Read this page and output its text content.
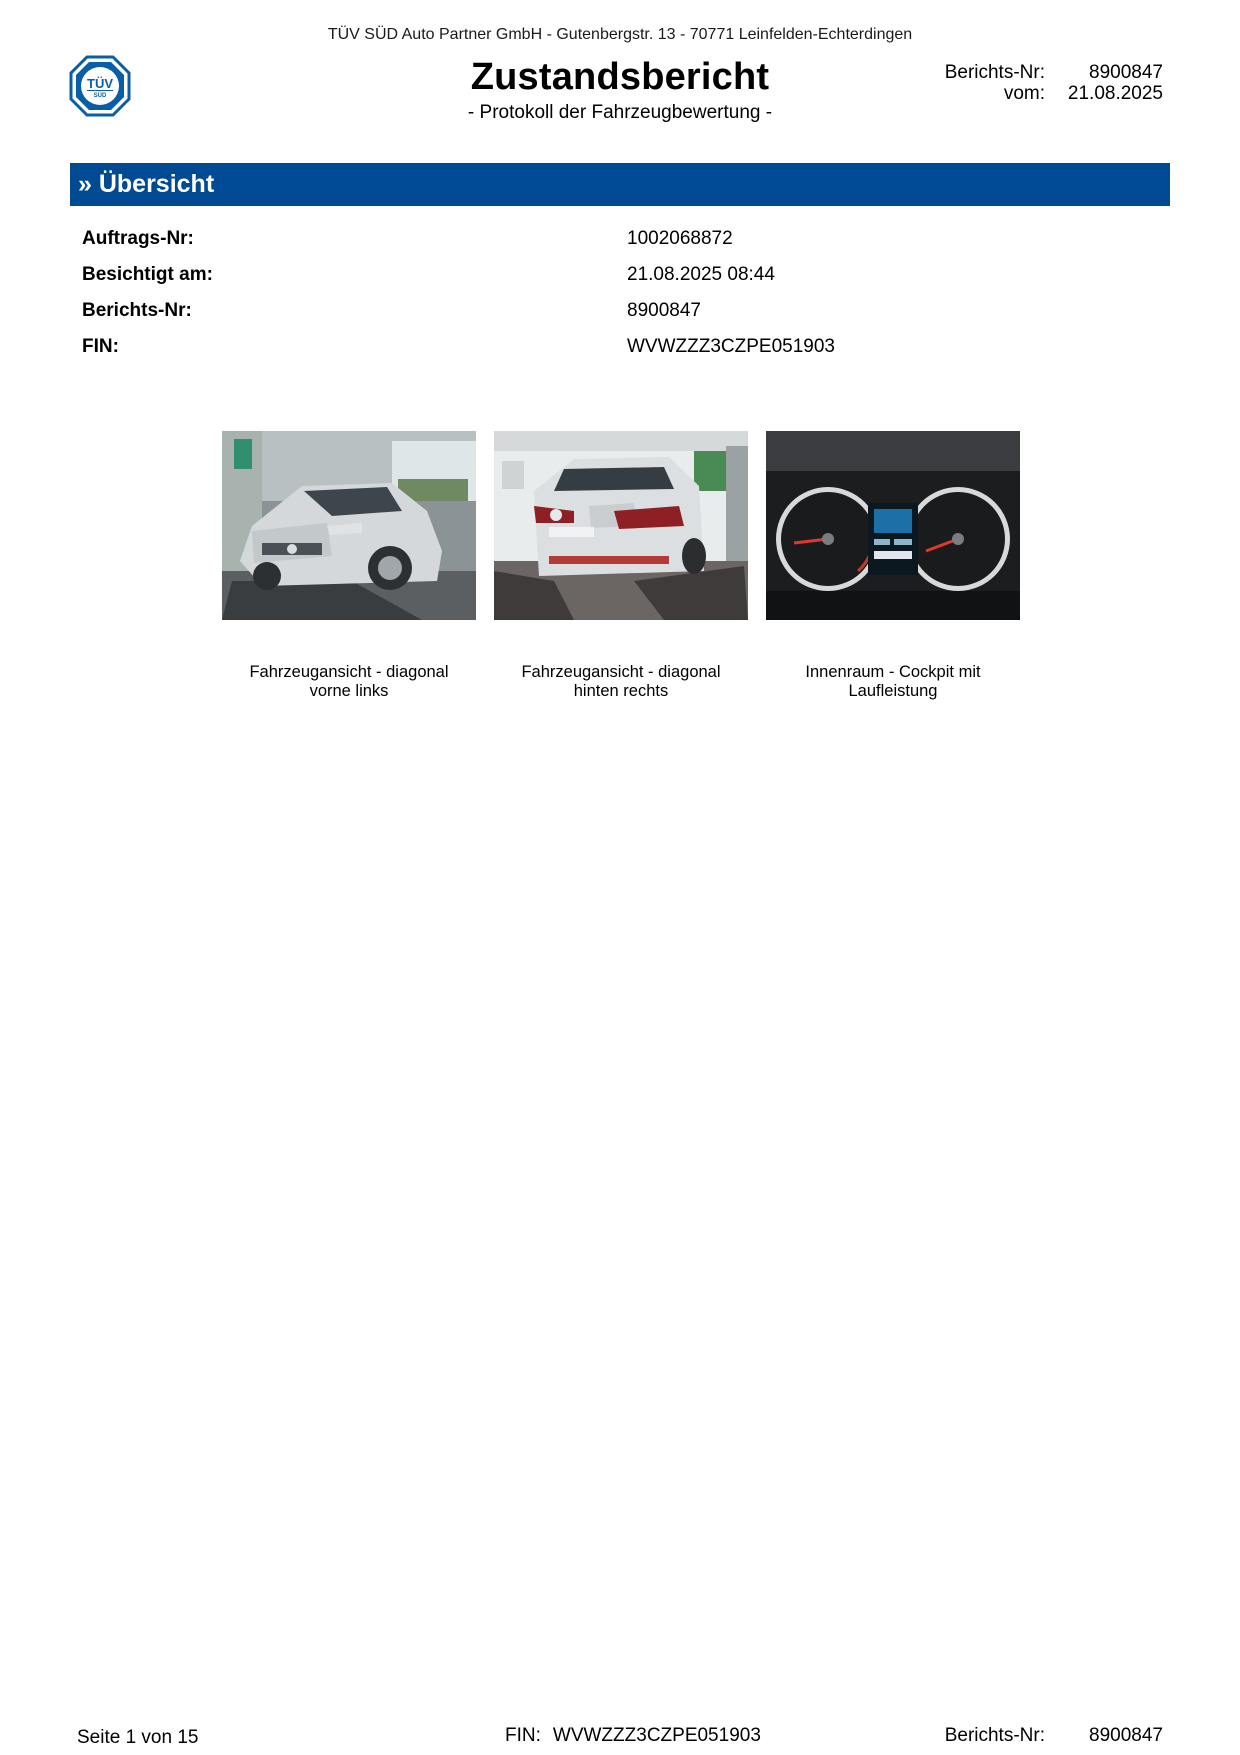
TÜV SÜD Auto Partner GmbH - Gutenbergstr. 13 - 70771 Leinfelden-Echterdingen
TÜV
SÜD	Zustandsbericht
- Protokoll der Fahrzeugbewertung -
Berichts-Nr:	8900847
vom:	21.08.2025
» Übersicht
Auftrags-Nr:	1002068872
Besichtigt am:	21.08.2025 08:44
Berichts-Nr:	8900847
FIN:	WVWZZZ3CZPE051903
Fahrzeugansicht - diagonal
vorne links
Fahrzeugansicht - diagonal
hinten rechts
Innenraum - Cockpit mit
Laufleistung
Seite 1 von 15	FIN: WVWZZZ3CZPE051903	Berichts-Nr:	8900847
